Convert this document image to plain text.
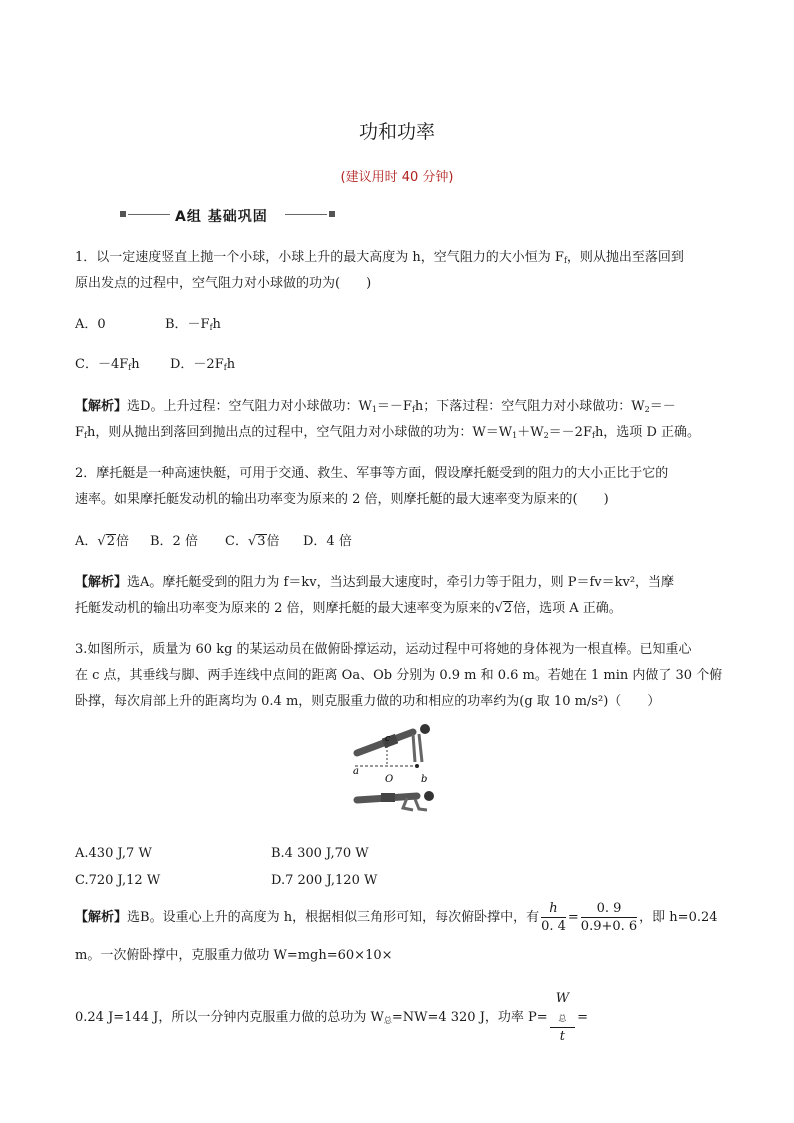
功和功率
(建议用时 40 分钟)
A组 基础巩固
1．以一定速度竖直上抛一个小球，小球上升的最大高度为 h，空气阻力的大小恒为 $F_f$，则从抛出至落回到
原出发点的过程中，空气阻力对小球做的功为(　　)
A．0	B．$-F_fh$
C．$-4F_fh$ D．$-2F_fh$
【解析】选D。上升过程：空气阻力对小球做功：$W_1=-F_fh$；下落过程：空气阻力对小球做功：$W_2=-$
$F_fh$，则从抛出到落回到抛出点的过程中，空气阻力对小球做的功为：$W=W_1+W_2=-2F_fh$，选项 D 正确。
2．摩托艇是一种高速快艇，可用于交通、救生、军事等方面，假设摩托艇受到的阻力的大小正比于它的
速率。如果摩托艇发动机的输出功率变为原来的 2 倍，则摩托艇的最大速率变为原来的(　　)
A．√2倍 B．2 倍 C．√3倍 D．4 倍
【解析】选A。摩托艇受到的阻力为 f＝kv，当达到最大速度时，牵引力等于阻力，则 P＝fv＝kv²，当摩
托艇发动机的输出功率变为原来的 2 倍，则摩托艇的最大速率变为原来的√2倍，选项 A 正确。
3.如图所示，质量为 60 kg 的某运动员在做俯卧撑运动，运动过程中可将她的身体视为一根直棒。已知重心
在 c 点，其垂线与脚、两手连线中点间的距离 Oa、Ob 分别为 0.9 m 和 0.6 m。若她在 1 min 内做了 30 个俯
卧撑，每次肩部上升的距离均为 0.4 m，则克服重力做的功和相应的功率约为(g 取 10 m/s²)（　　）
a
c
O	b
A.430 J,7 W	B.4 300 J,70 W
C.720 J,12 W	D.7 200 J,120 W
【解析】选B。设重心上升的高度为 h，根据相似三角形可知，每次俯卧撑中，有 $\frac{h}{0. 4} = \frac{0. 9}{0.9+0. 6}$ ，即 h=0.24
m。一次俯卧撑中，克服重力做功 W=mgh=60×10×
0.24 J=144 J，所以一分钟内克服重力做的总功为 $W_总=NW=4$ 320 J，功率 P= W
$_总$
t =
